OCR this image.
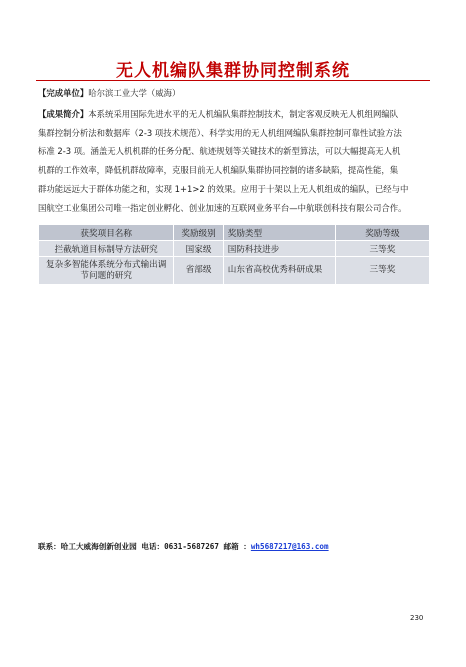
无人机编队集群协同控制系统
【完成单位】哈尔滨工业大学（威海）
【成果简介】本系统采用国际先进水平的无人机编队集群控制技术，制定客观反映无人机组网编队
集群控制分析法和数据库（2-3 项技术规范）、科学实用的无人机组网编队集群控制可靠性试验方法
标准 2-3 项。涵盖无人机机群的任务分配、航迹规划等关键技术的新型算法，可以大幅提高无人机
机群的工作效率，降低机群故障率，克服目前无人机编队集群协同控制的诸多缺陷，提高性能，集
群功能远远大于群体功能之和，实现 1+1>2 的效果。应用于十架以上无人机组成的编队，已经与中
国航空工业集团公司唯一指定创业孵化、创业加速的互联网业务平台—中航联创科技有限公司合作。
获奖项目名称	奖励级别	奖励类型	奖励等级
拦截轨道目标制导方法研究	国家级	国防科技进步	三等奖
复杂多智能体系统分布式输出调节问题的研究	省部级	山东省高校优秀科研成果	三等奖
联系：哈工大威海创新创业园 电话：0631-5687267 邮箱 ：wh5687217@163.com
230
